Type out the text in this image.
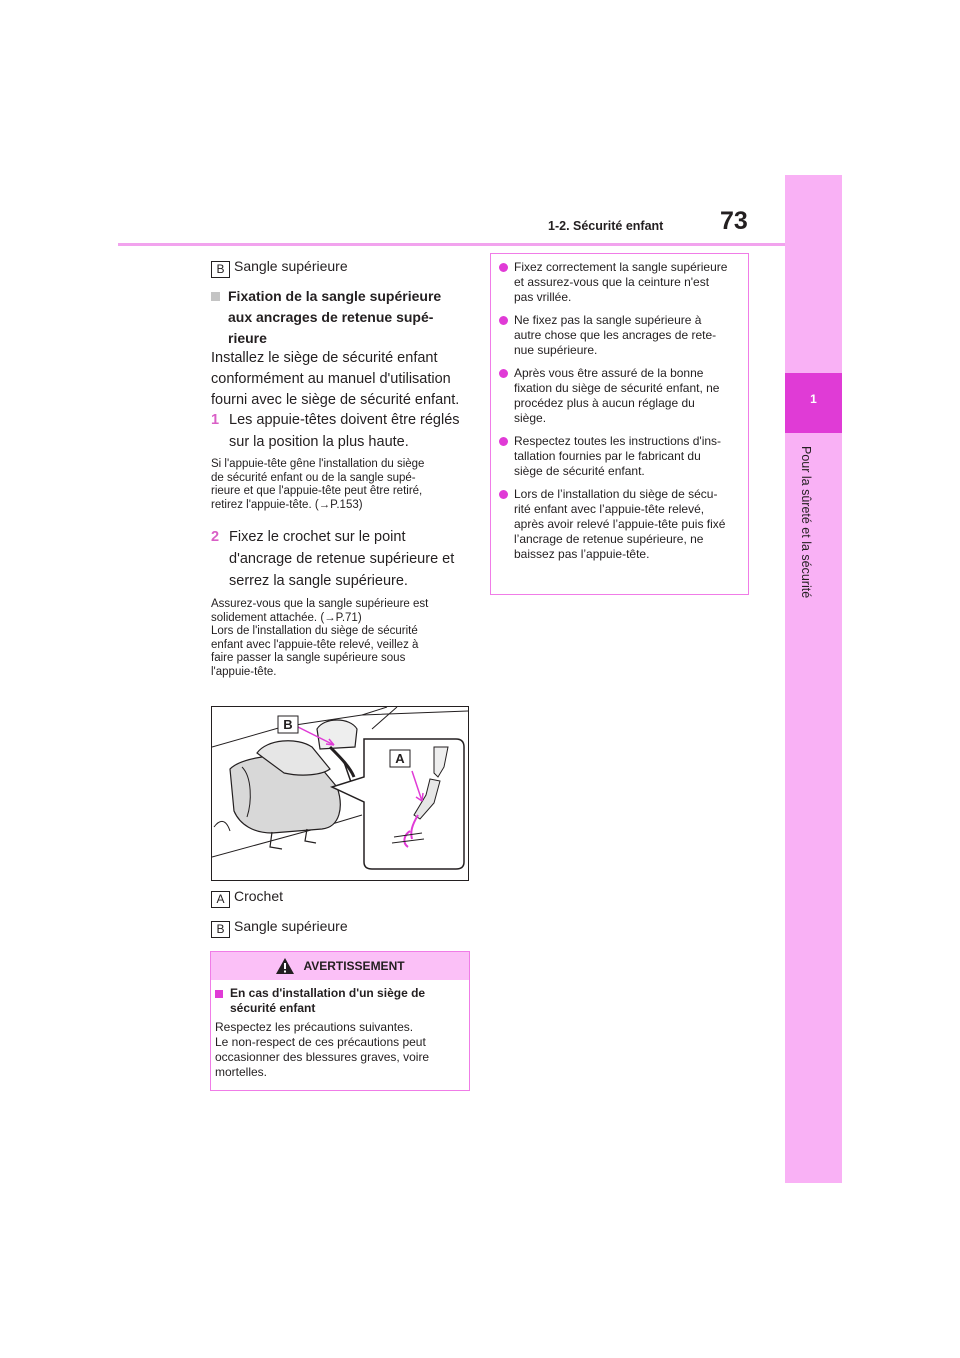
1
Pour la sûreté et la sécurité
1-2. Sécurité enfant 73
B Sangle supérieure
Fixation de la sangle supérieure
aux ancrages de retenue supé-
rieure
Installez le siège de sécurité enfant
conformément au manuel d'utilisation
fourni avec le siège de sécurité enfant.
1 Les appuie-têtes doivent être réglés
sur la position la plus haute.
Si l'appuie-tête gêne l'installation du siège
de sécurité enfant ou de la sangle supé-
rieure et que l'appuie-tête peut être retiré,
retirez l'appuie-tête. (→P.153)
2 Fixez le crochet sur le point
d'ancrage de retenue supérieure et
serrez la sangle supérieure.
Assurez-vous que la sangle supérieure est
solidement attachée. (→P.71)
Lors de l'installation du siège de sécurité
enfant avec l'appuie-tête relevé, veillez à
faire passer la sangle supérieure sous
l'appuie-tête.
B
A
A Crochet
B Sangle supérieure
AVERTISSEMENT
En cas d'installation d'un siège de
sécurité enfant
Respectez les précautions suivantes.
Le non-respect de ces précautions peut
occasionner des blessures graves, voire
mortelles.
Fixez correctement la sangle supérieure
et assurez-vous que la ceinture n'est
pas vrillée.
Ne fixez pas la sangle supérieure à
autre chose que les ancrages de rete-
nue supérieure.
Après vous être assuré de la bonne
fixation du siège de sécurité enfant, ne
procédez plus à aucun réglage du
siège.
Respectez toutes les instructions d'ins-
tallation fournies par le fabricant du
siège de sécurité enfant.
Lors de l’installation du siège de sécu-
rité enfant avec l’appuie-tête relevé,
après avoir relevé l’appuie-tête puis fixé
l’ancrage de retenue supérieure, ne
baissez pas l’appuie-tête.
